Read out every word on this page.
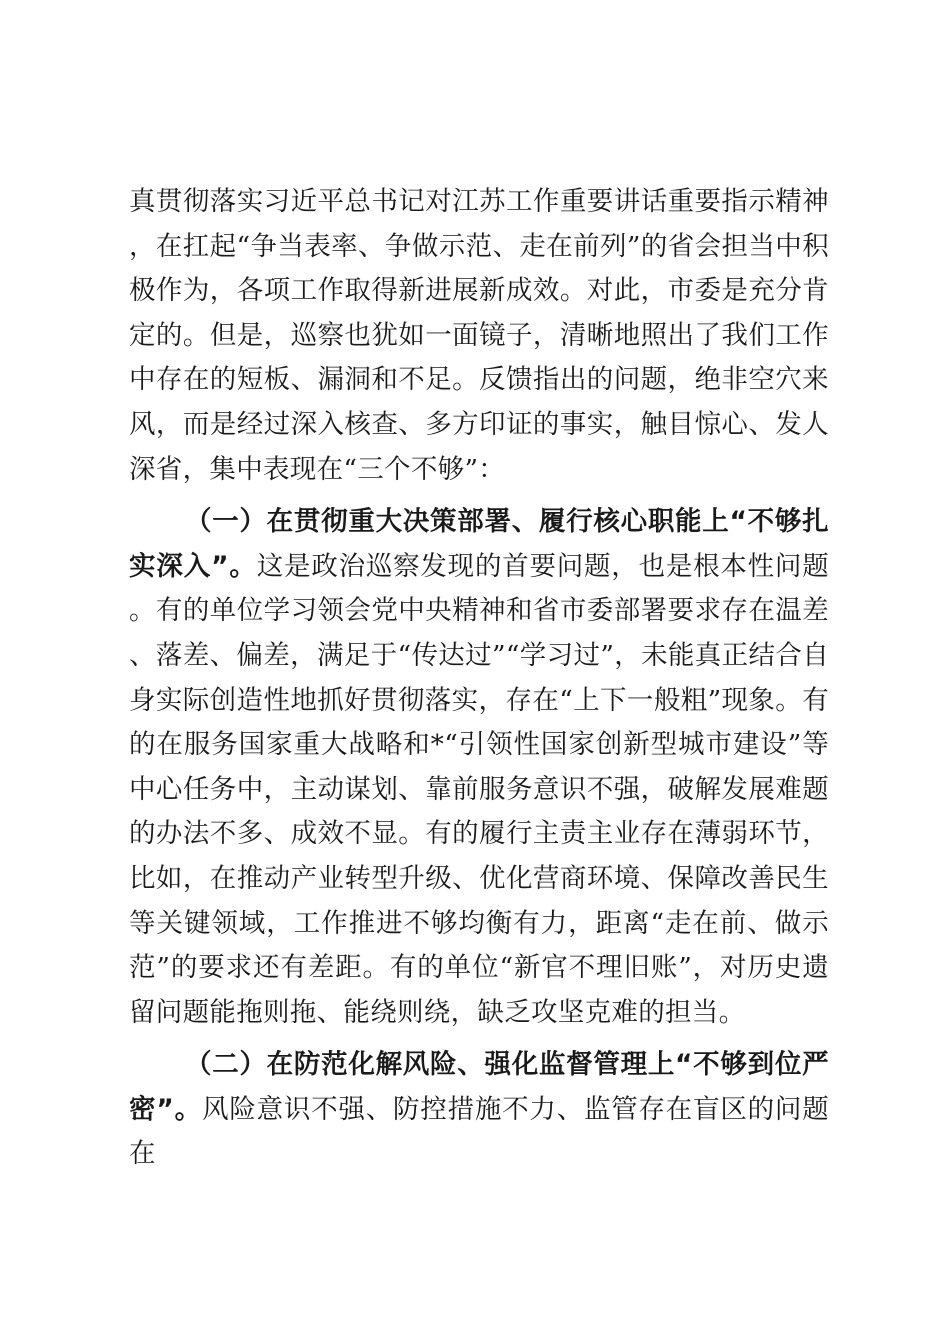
真贯彻落实习近平总书记对江苏工作重要讲话重要指示精神，在扛起“争当表率、争做示范、走在前列”的省会担当中积极作为，各项工作取得新进展新成效。对此，市委是充分肯定的。但是，巡察也犹如一面镜子，清晰地照出了我们工作中存在的短板、漏洞和不足。反馈指出的问题，绝非空穴来风，而是经过深入核查、多方印证的事实，触目惊心、发人深省，集中表现在“三个不够”：

（一）在贯彻重大决策部署、履行核心职能上“不够扎实深入”。这是政治巡察发现的首要问题，也是根本性问题。有的单位学习领会党中央精神和省市委部署要求存在温差、落差、偏差，满足于“传达过”“学习过”，未能真正结合自身实际创造性地抓好贯彻落实，存在“上下一般粗”现象。有的在服务国家重大战略和*“引领性国家创新型城市建设”等中心任务中，主动谋划、靠前服务意识不强，破解发展难题的办法不多、成效不显。有的履行主责主业存在薄弱环节，比如，在推动产业转型升级、优化营商环境、保障改善民生等关键领域，工作推进不够均衡有力，距离“走在前、做示范”的要求还有差距。有的单位“新官不理旧账”，对历史遗留问题能拖则拖、能绕则绕，缺乏攻坚克难的担当。

（二）在防范化解风险、强化监督管理上“不够到位严密”。风险意识不强、防控措施不力、监管存在盲区的问题在
